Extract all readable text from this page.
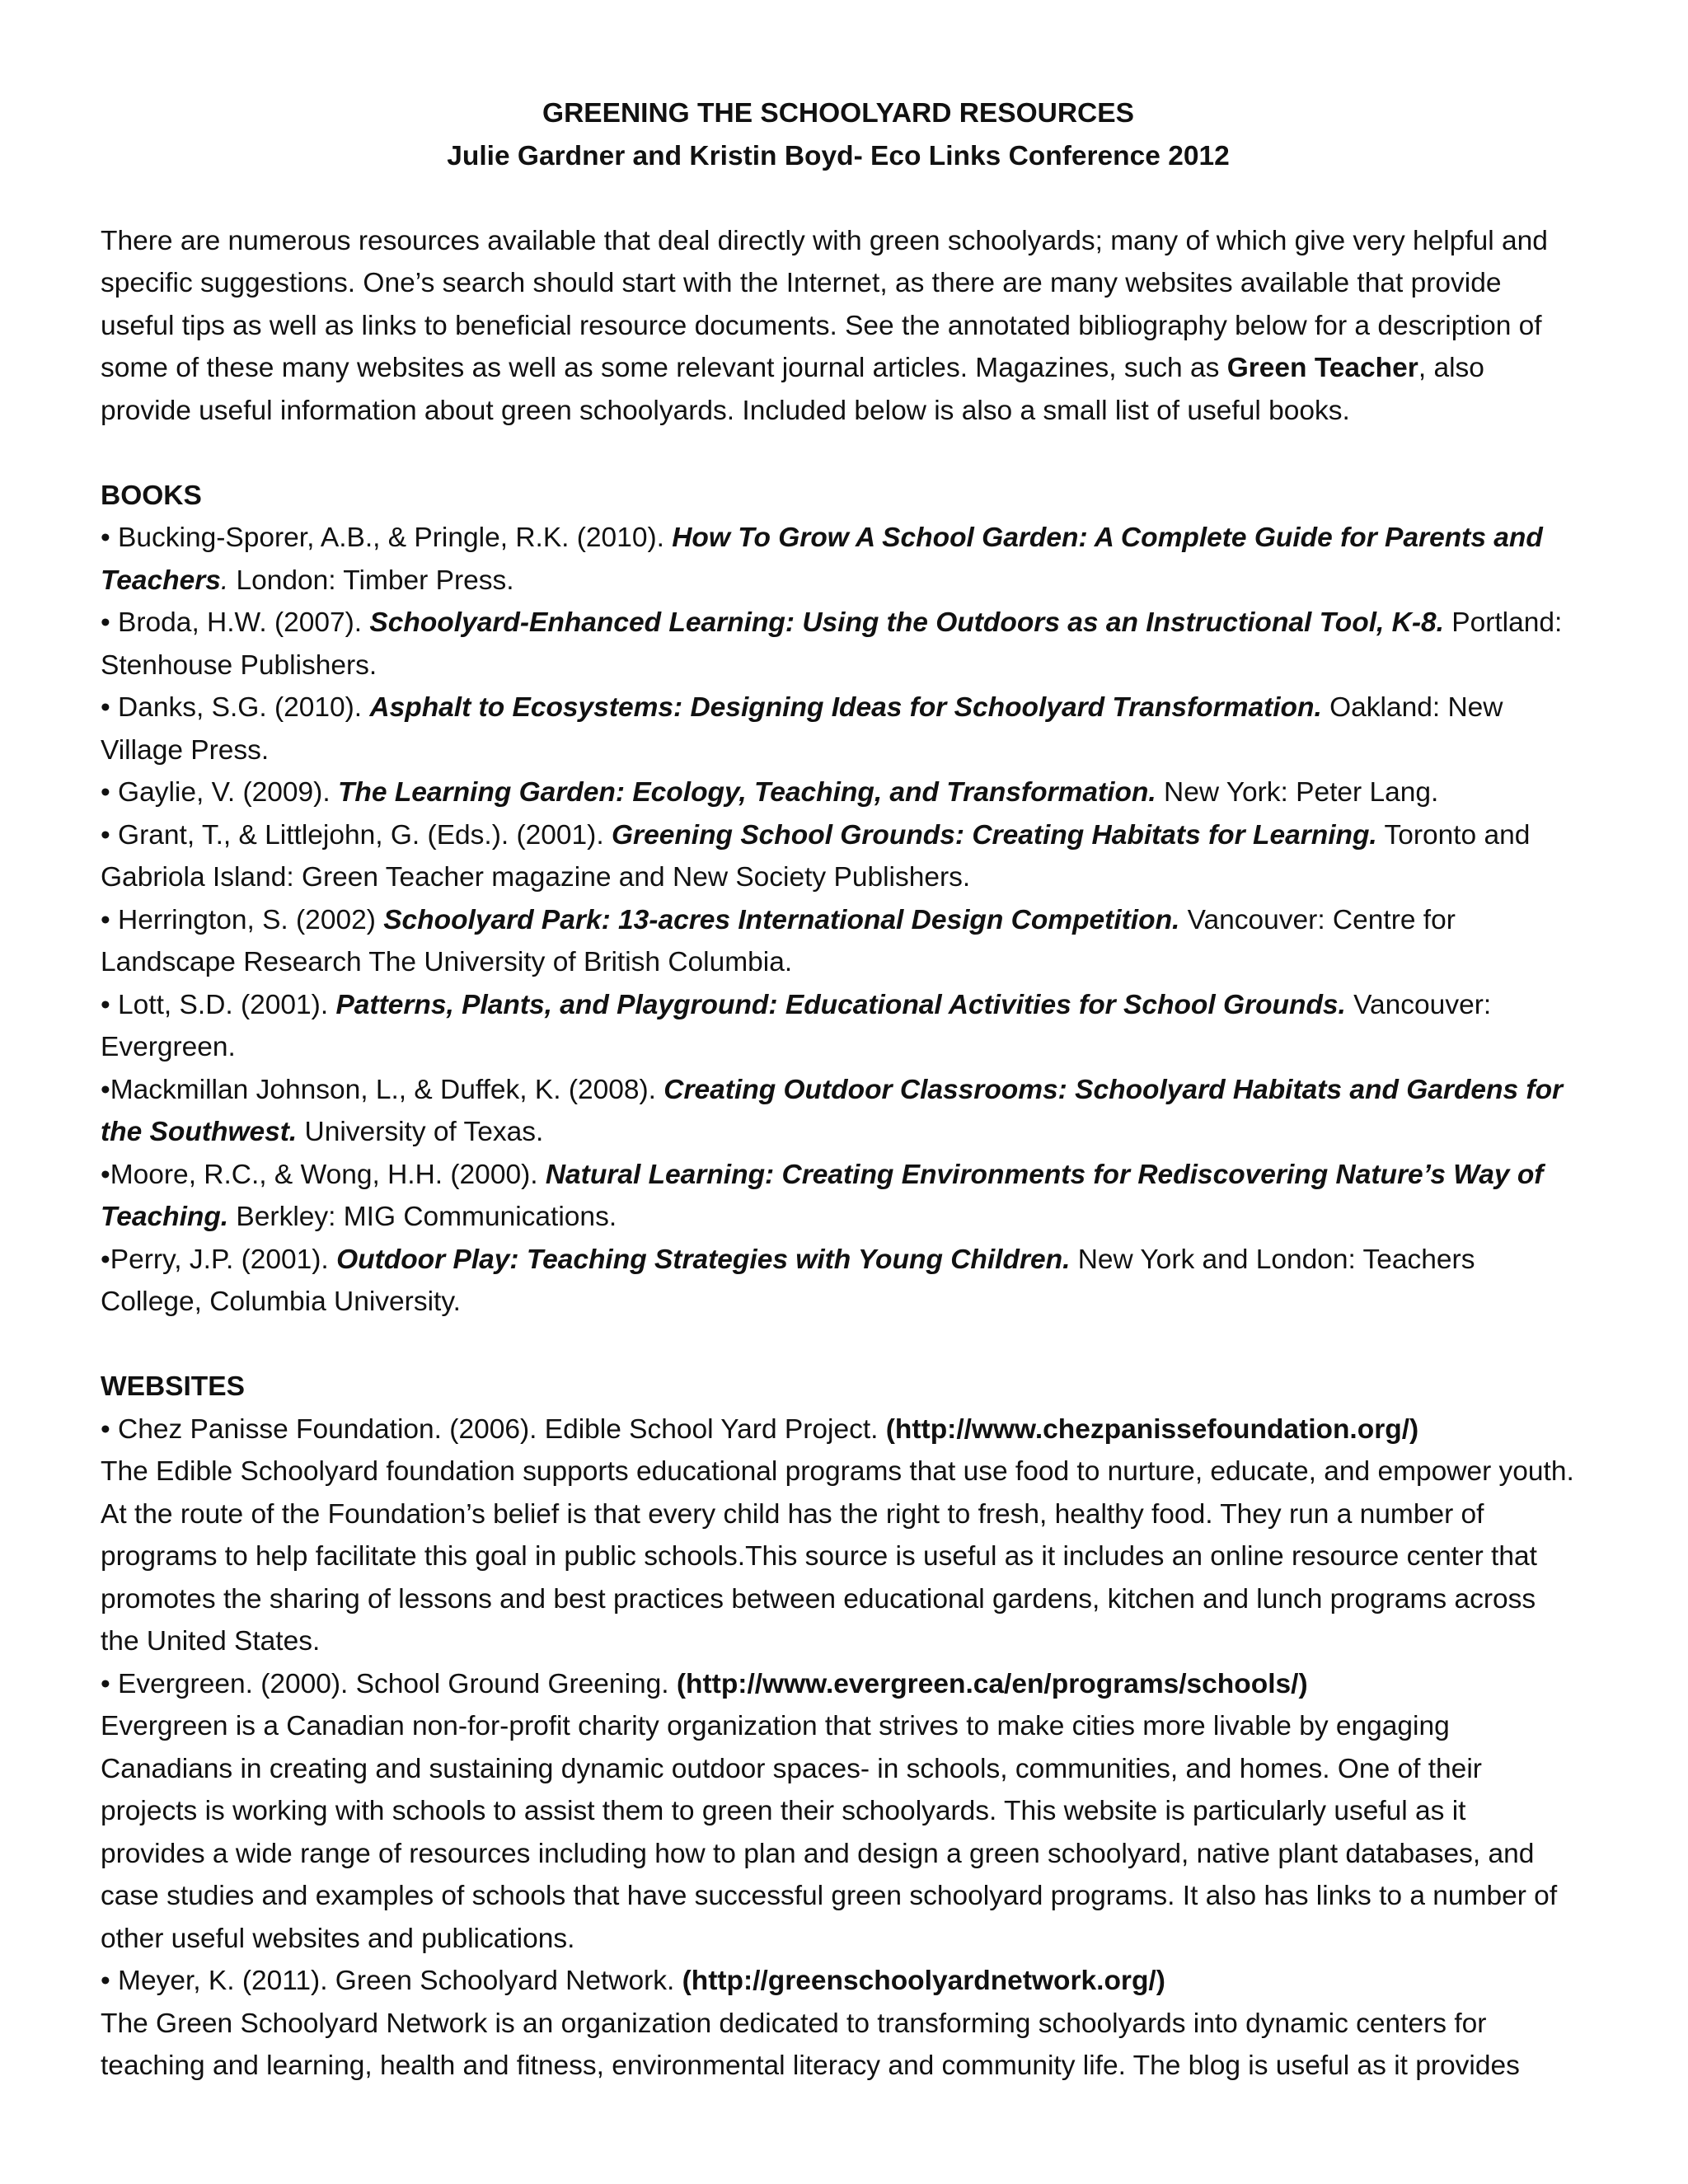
GREENING THE SCHOOLYARD RESOURCES

Julie Gardner and Kristin Boyd- Eco Links Conference 2012

There are numerous resources available that deal directly with green schoolyards; many of which give very helpful and specific suggestions. One’s search should start with the Internet, as there are many websites available that provide useful tips as well as links to beneficial resource documents. See the annotated bibliography below for a description of some of these many websites as well as some relevant journal articles. Magazines, such as Green Teacher, also provide useful information about green schoolyards. Included below is also a small list of useful books.

BOOKS

• Bucking-Sporer, A.B., & Pringle, R.K. (2010). How To Grow A School Garden: A Complete Guide for Parents and Teachers. London: Timber Press.

• Broda, H.W. (2007). Schoolyard-Enhanced Learning: Using the Outdoors as an Instructional Tool, K-8. Portland: Stenhouse Publishers.

• Danks, S.G. (2010). Asphalt to Ecosystems: Designing Ideas for Schoolyard Transformation. Oakland: New Village Press.

• Gaylie, V. (2009). The Learning Garden: Ecology, Teaching, and Transformation. New York: Peter Lang.

• Grant, T., & Littlejohn, G. (Eds.). (2001). Greening School Grounds: Creating Habitats for Learning. Toronto and Gabriola Island: Green Teacher magazine and New Society Publishers.

• Herrington, S. (2002) Schoolyard Park: 13-acres International Design Competition. Vancouver: Centre for Landscape Research The University of British Columbia.

• Lott, S.D. (2001). Patterns, Plants, and Playground: Educational Activities for School Grounds. Vancouver: Evergreen.

•Mackmillan Johnson, L., & Duffek, K. (2008). Creating Outdoor Classrooms: Schoolyard Habitats and Gardens for the Southwest. University of Texas.

•Moore, R.C., & Wong, H.H. (2000). Natural Learning: Creating Environments for Rediscovering Nature’s Way of Teaching. Berkley: MIG Communications.

•Perry, J.P. (2001). Outdoor Play: Teaching Strategies with Young Children. New York and London: Teachers College, Columbia University.

WEBSITES

• Chez Panisse Foundation. (2006). Edible School Yard Project. (http://www.chezpanissefoundation.org/)

The Edible Schoolyard foundation supports educational programs that use food to nurture, educate, and empower youth. At the route of the Foundation’s belief is that every child has the right to fresh, healthy food. They run a number of programs to help facilitate this goal in public schools.This source is useful as it includes an online resource center that promotes the sharing of lessons and best practices between educational gardens, kitchen and lunch programs across the United States.

• Evergreen. (2000). School Ground Greening. (http://www.evergreen.ca/en/programs/schools/)

Evergreen is a Canadian non-for-profit charity organization that strives to make cities more livable by engaging Canadians in creating and sustaining dynamic outdoor spaces- in schools, communities, and homes. One of their projects is working with schools to assist them to green their schoolyards. This website is particularly useful as it provides a wide range of resources including how to plan and design a green schoolyard, native plant databases, and case studies and examples of schools that have successful green schoolyard programs. It also has links to a number of other useful websites and publications.

• Meyer, K. (2011). Green Schoolyard Network. (http://greenschoolyardnetwork.org/)

The Green Schoolyard Network is an organization dedicated to transforming schoolyards into dynamic centers for teaching and learning, health and fitness, environmental literacy and community life. The blog is useful as it provides
